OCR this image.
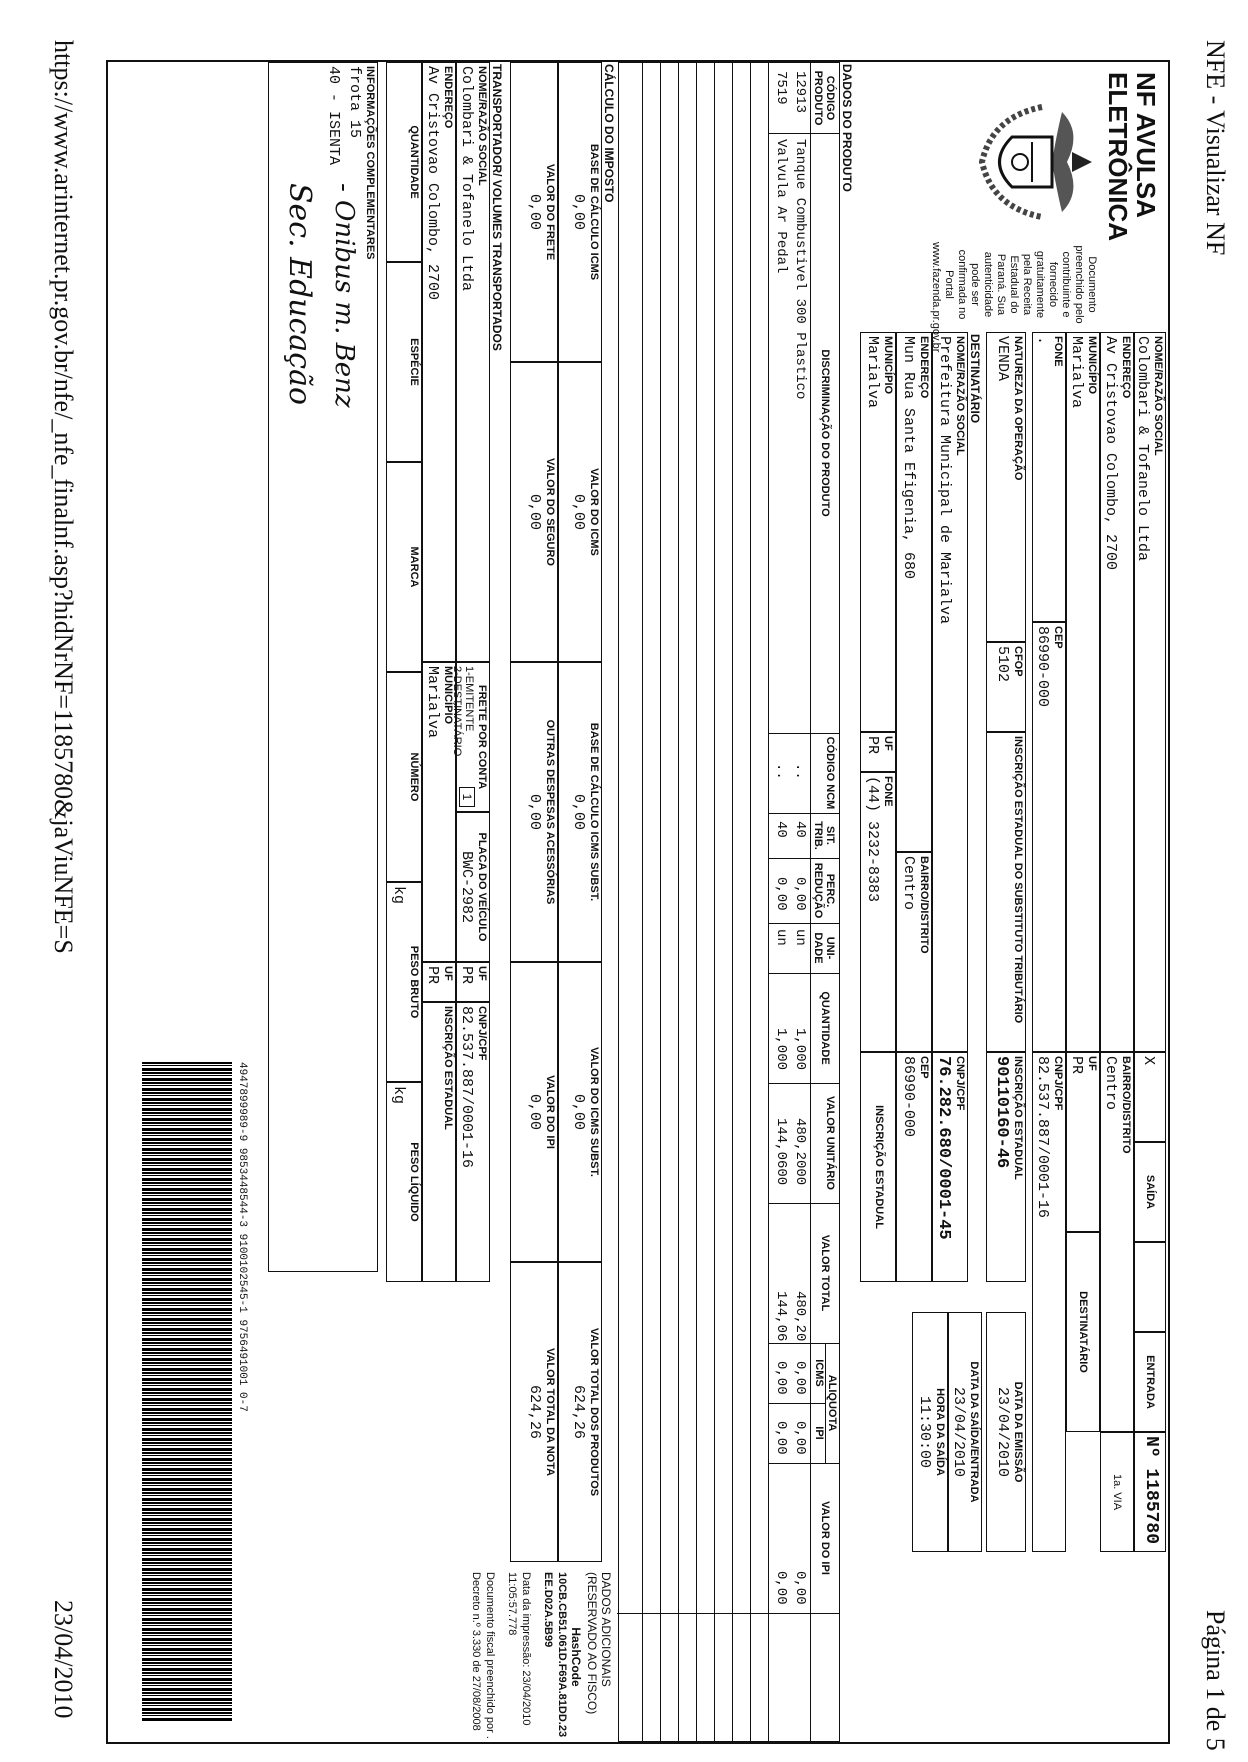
NFE - Visualizar NF
Página 1 de 5
https://www.arinternet.pr.gov.br/nfe/_nfe_finalnf.asp?hidNrNF=1185780&jaViuNFE=S
23/04/2010
NF AVULSA
ELETRÔNICA
Documento preenchido pelo contribuinte e fornecido gratuitamente pela Receita Estadual do Paraná. Sua autenticidade pode ser confirmada no Portal www.fazenda.pr.gov.br
NOME/RAZÃO SOCIAL
Colombari & Tofanelo Ltda
X
SAÍDA
ENTRADA
Nº 1185780
ENDEREÇO
Av Cristovao Colombo, 2700
BAIRRO/DISTRITO
Centro
1a. VIA
MUNICÍPIO
Marialva
UF
PR
DESTINATÁRIO
FONE
.
CEP
86990-000
CNPJ/CPF
82.537.887/0001-16
NATUREZA DA OPERAÇÃO
VENDA
CFOP
5102
INSCRIÇÃO ESTADUAL DO SUBSTITUTO TRIBUTÁRIO
INSCRIÇÃO ESTADUAL
90110160-46
DATA DA EMISSÃO
23/04/2010
DESTINATÁRIO
NOME/RAZÃO SOCIAL
Prefeitura Municipal de Marialva
CNPJ/CPF
76.282.680/0001-45
DATA DA SAÍDA/ENTRADA
23/04/2010
HORA DA SAÍDA
11:30:00
ENDEREÇO
Mun Rua Santa Efigenia, 680
BAIRRO/DISTRITO
Centro
CEP
86990-000
MUNICÍPIO
Marialva
UF
PR
FONE
(44) 3232-8383
INSCRIÇÃO ESTADUAL
DADOS DO PRODUTO
CÓDIGO PRODUTO
DISCRIMINAÇÃO DO PRODUTO
CÓDIGO NCM
SIT. TRIB.
PERC. REDUÇÃO
UNI- DADE
QUANTIDADE
VALOR UNITÁRIO
VALOR TOTAL
ALIQUOTA
ICMS
IPI
VALOR DO IPI
12913
Tanque Combustivel 300 Plastico
..
40
0,00
un
1,000
480,2000
480,20
0,00
0,00
0,00
7519
Valvula Ar Pedal
..
40
0,00
un
1,000
144,0600
144,06
0,00
0,00
0,00
CÁLCULO DO IMPOSTO
BASE DE CÁLCULO ICMS
0,00
VALOR DO ICMS
0,00
BASE DE CÁLCULO ICMS SUBST.
0,00
VALOR DO ICMS SUBST.
0,00
VALOR TOTAL DOS PRODUTOS
624,26
VALOR DO FRETE
0,00
VALOR DO SEGURO
0,00
OUTRAS DESPESAS ACESSÓRIAS
0,00
VALOR DO IPI
0,00
VALOR TOTAL DA NOTA
624,26
DADOS ADICIONAIS (RESERVADO AO FISCO)
HashCode
10CB.CB51.061D.F69A.81DD.23EE.D02A.5B99
Data da impressão: 23/04/2010 11:05:57.778
Documento fiscal preenchido por .
Decreto n.º 3.330 de 27/08/2008
TRANSPORTADOR/ VOLUMES TRANSPORTADOS
NOME/RAZÃO SOCIAL
Colombari & Tofanelo Ltda
FRETE POR CONTA
1-EMITENTE
2-DESTINATÁRIO
1
PLACA DO VEÍCULO
BWC-2982
UF
PR
CNPJ/CPF
82.537.887/0001-16
ENDEREÇO
Av Cristovao Colombo, 2700
MUNICÍPIO
Marialva
UF
PR
INSCRIÇÃO ESTADUAL
QUANTIDADE
ESPÉCIE
MARCA
NÚMERO
PESO BRUTO
kg
PESO LÍQUIDO
kg
INFORMAÇÕES COMPLEMENTARES
frota 15
40 - ISENTA
- Onibus m. Benz
Sec. Educação
4947899989-9 9853448544-3 9100102545-1 9756491001 0-7
